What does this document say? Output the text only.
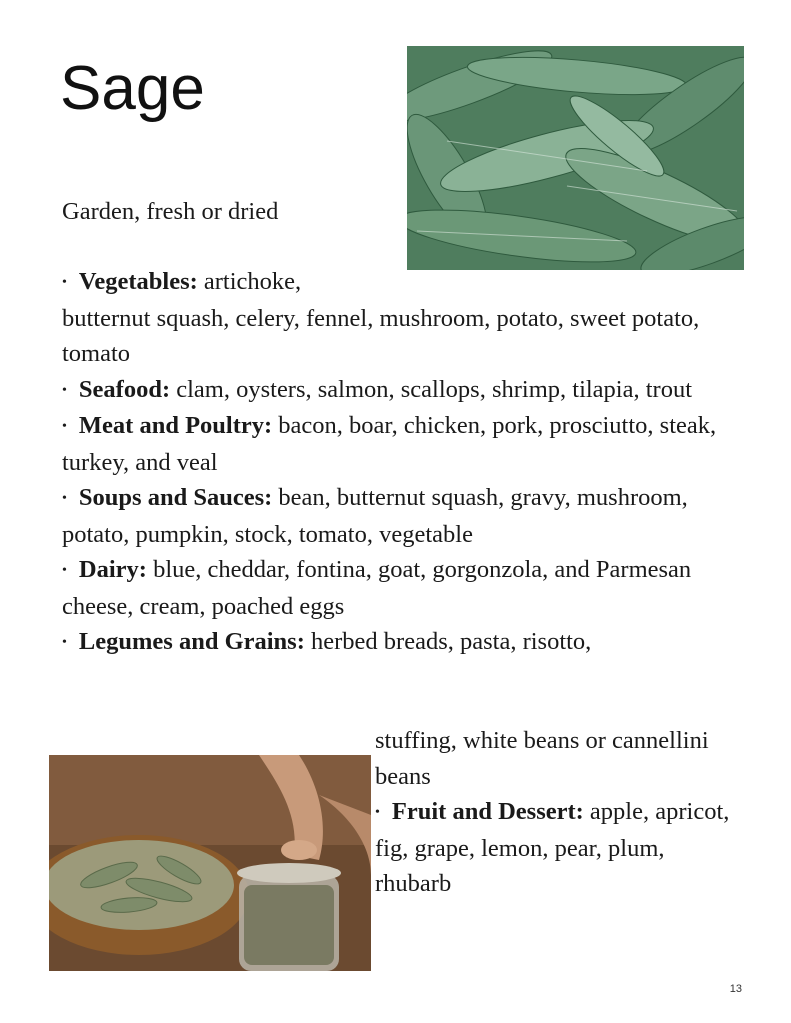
Sage
Garden, fresh or dried
• Vegetables: artichoke,
butternut squash, celery, fennel, mushroom, potato, sweet potato, tomato
• Seafood: clam, oysters, salmon, scallops, shrimp, tilapia, trout
• Meat and Poultry: bacon, boar, chicken, pork, prosciutto, steak, turkey, and veal
• Soups and Sauces: bean, butternut squash, gravy, mushroom, potato, pumpkin, stock, tomato, vegetable
• Dairy: blue, cheddar, fontina, goat, gorgonzola, and Parmesan cheese, cream, poached eggs
• Legumes and Grains: herbed breads, pasta, risotto,
stuffing, white beans or cannellini beans
• Fruit and Dessert: apple, apricot, fig, grape, lemon, pear, plum, rhubarb
13
